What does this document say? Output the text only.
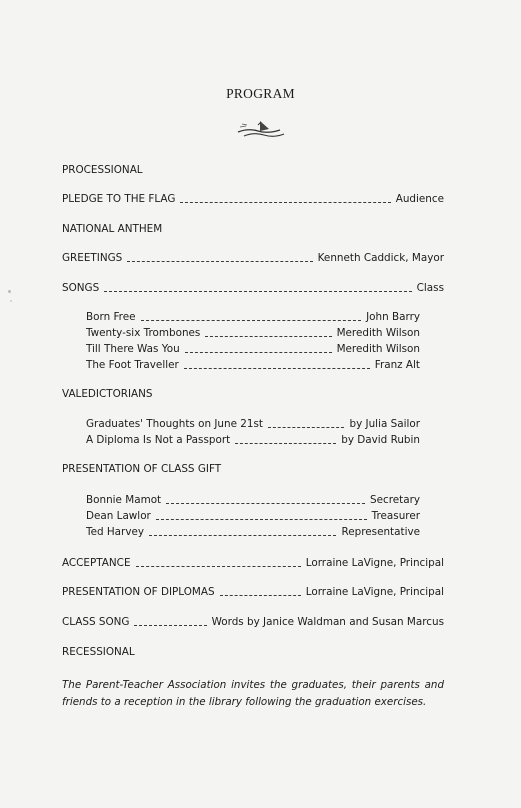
PROGRAM
PROCESSIONAL
PLEDGE TO THE FLAG	Audience
NATIONAL ANTHEM
GREETINGS	Kenneth Caddick, Mayor
SONGS	Class
Born Free	John Barry
Twenty-six Trombones	Meredith Wilson
Till There Was You	Meredith Wilson
The Foot Traveller	Franz Alt
VALEDICTORIANS
Graduates' Thoughts on June 21st	by Julia Sailor
A Diploma Is Not a Passport	by David Rubin
PRESENTATION OF CLASS GIFT
Bonnie Mamot	Secretary
Dean Lawlor	Treasurer
Ted Harvey	Representative
ACCEPTANCE	Lorraine LaVigne, Principal
PRESENTATION OF DIPLOMAS	Lorraine LaVigne, Principal
CLASS SONG	Words by Janice Waldman and Susan Marcus
RECESSIONAL
The Parent-Teacher Association invites the graduates, their parents and friends to a reception in the library following the graduation exercises.
